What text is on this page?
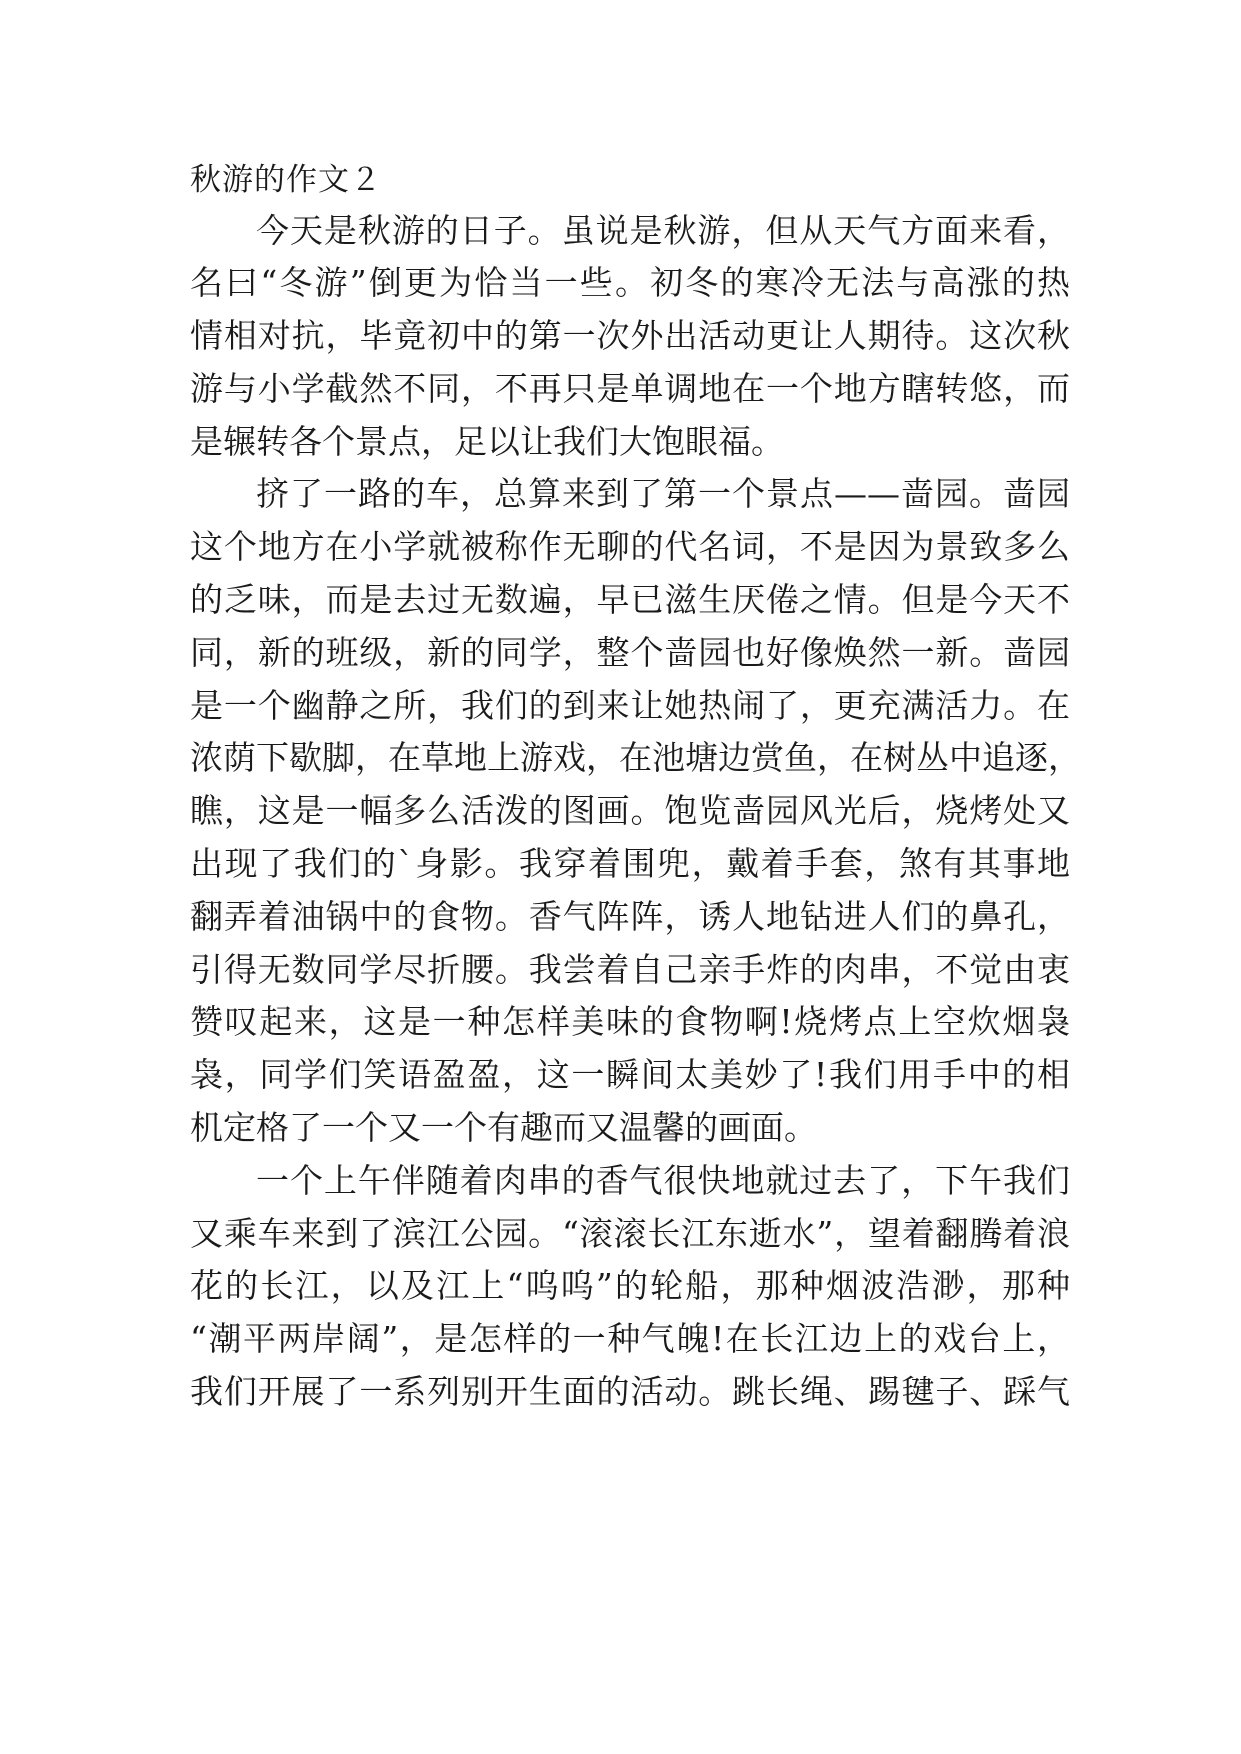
秋游的作文２
今天是秋游的日子。虽说是秋游，但从天气方面来看，
名曰“冬游”倒更为恰当一些。初冬的寒冷无法与高涨的热
情相对抗，毕竟初中的第一次外出活动更让人期待。这次秋
游与小学截然不同，不再只是单调地在一个地方瞎转悠，而
是辗转各个景点，足以让我们大饱眼福。
挤了一路的车，总算来到了第一个景点——啬园。啬园
这个地方在小学就被称作无聊的代名词，不是因为景致多么
的乏味，而是去过无数遍，早已滋生厌倦之情。但是今天不
同，新的班级，新的同学，整个啬园也好像焕然一新。啬园
是一个幽静之所，我们的到来让她热闹了，更充满活力。在
浓荫下歇脚，在草地上游戏，在池塘边赏鱼，在树丛中追逐，
瞧，这是一幅多么活泼的图画。饱览啬园风光后，烧烤处又
出现了我们的`身影。我穿着围兜，戴着手套，煞有其事地
翻弄着油锅中的食物。香气阵阵，诱人地钻进人们的鼻孔，
引得无数同学尽折腰。我尝着自己亲手炸的肉串，不觉由衷
赞叹起来，这是一种怎样美味的食物啊!烧烤点上空炊烟袅
袅，同学们笑语盈盈，这一瞬间太美妙了!我们用手中的相
机定格了一个又一个有趣而又温馨的画面。
一个上午伴随着肉串的香气很快地就过去了，下午我们
又乘车来到了滨江公园。“滚滚长江东逝水”，望着翻腾着浪
花的长江，以及江上“呜呜”的轮船，那种烟波浩渺，那种
“潮平两岸阔”，是怎样的一种气魄!在长江边上的戏台上，
我们开展了一系列别开生面的活动。跳长绳、踢毽子、踩气
